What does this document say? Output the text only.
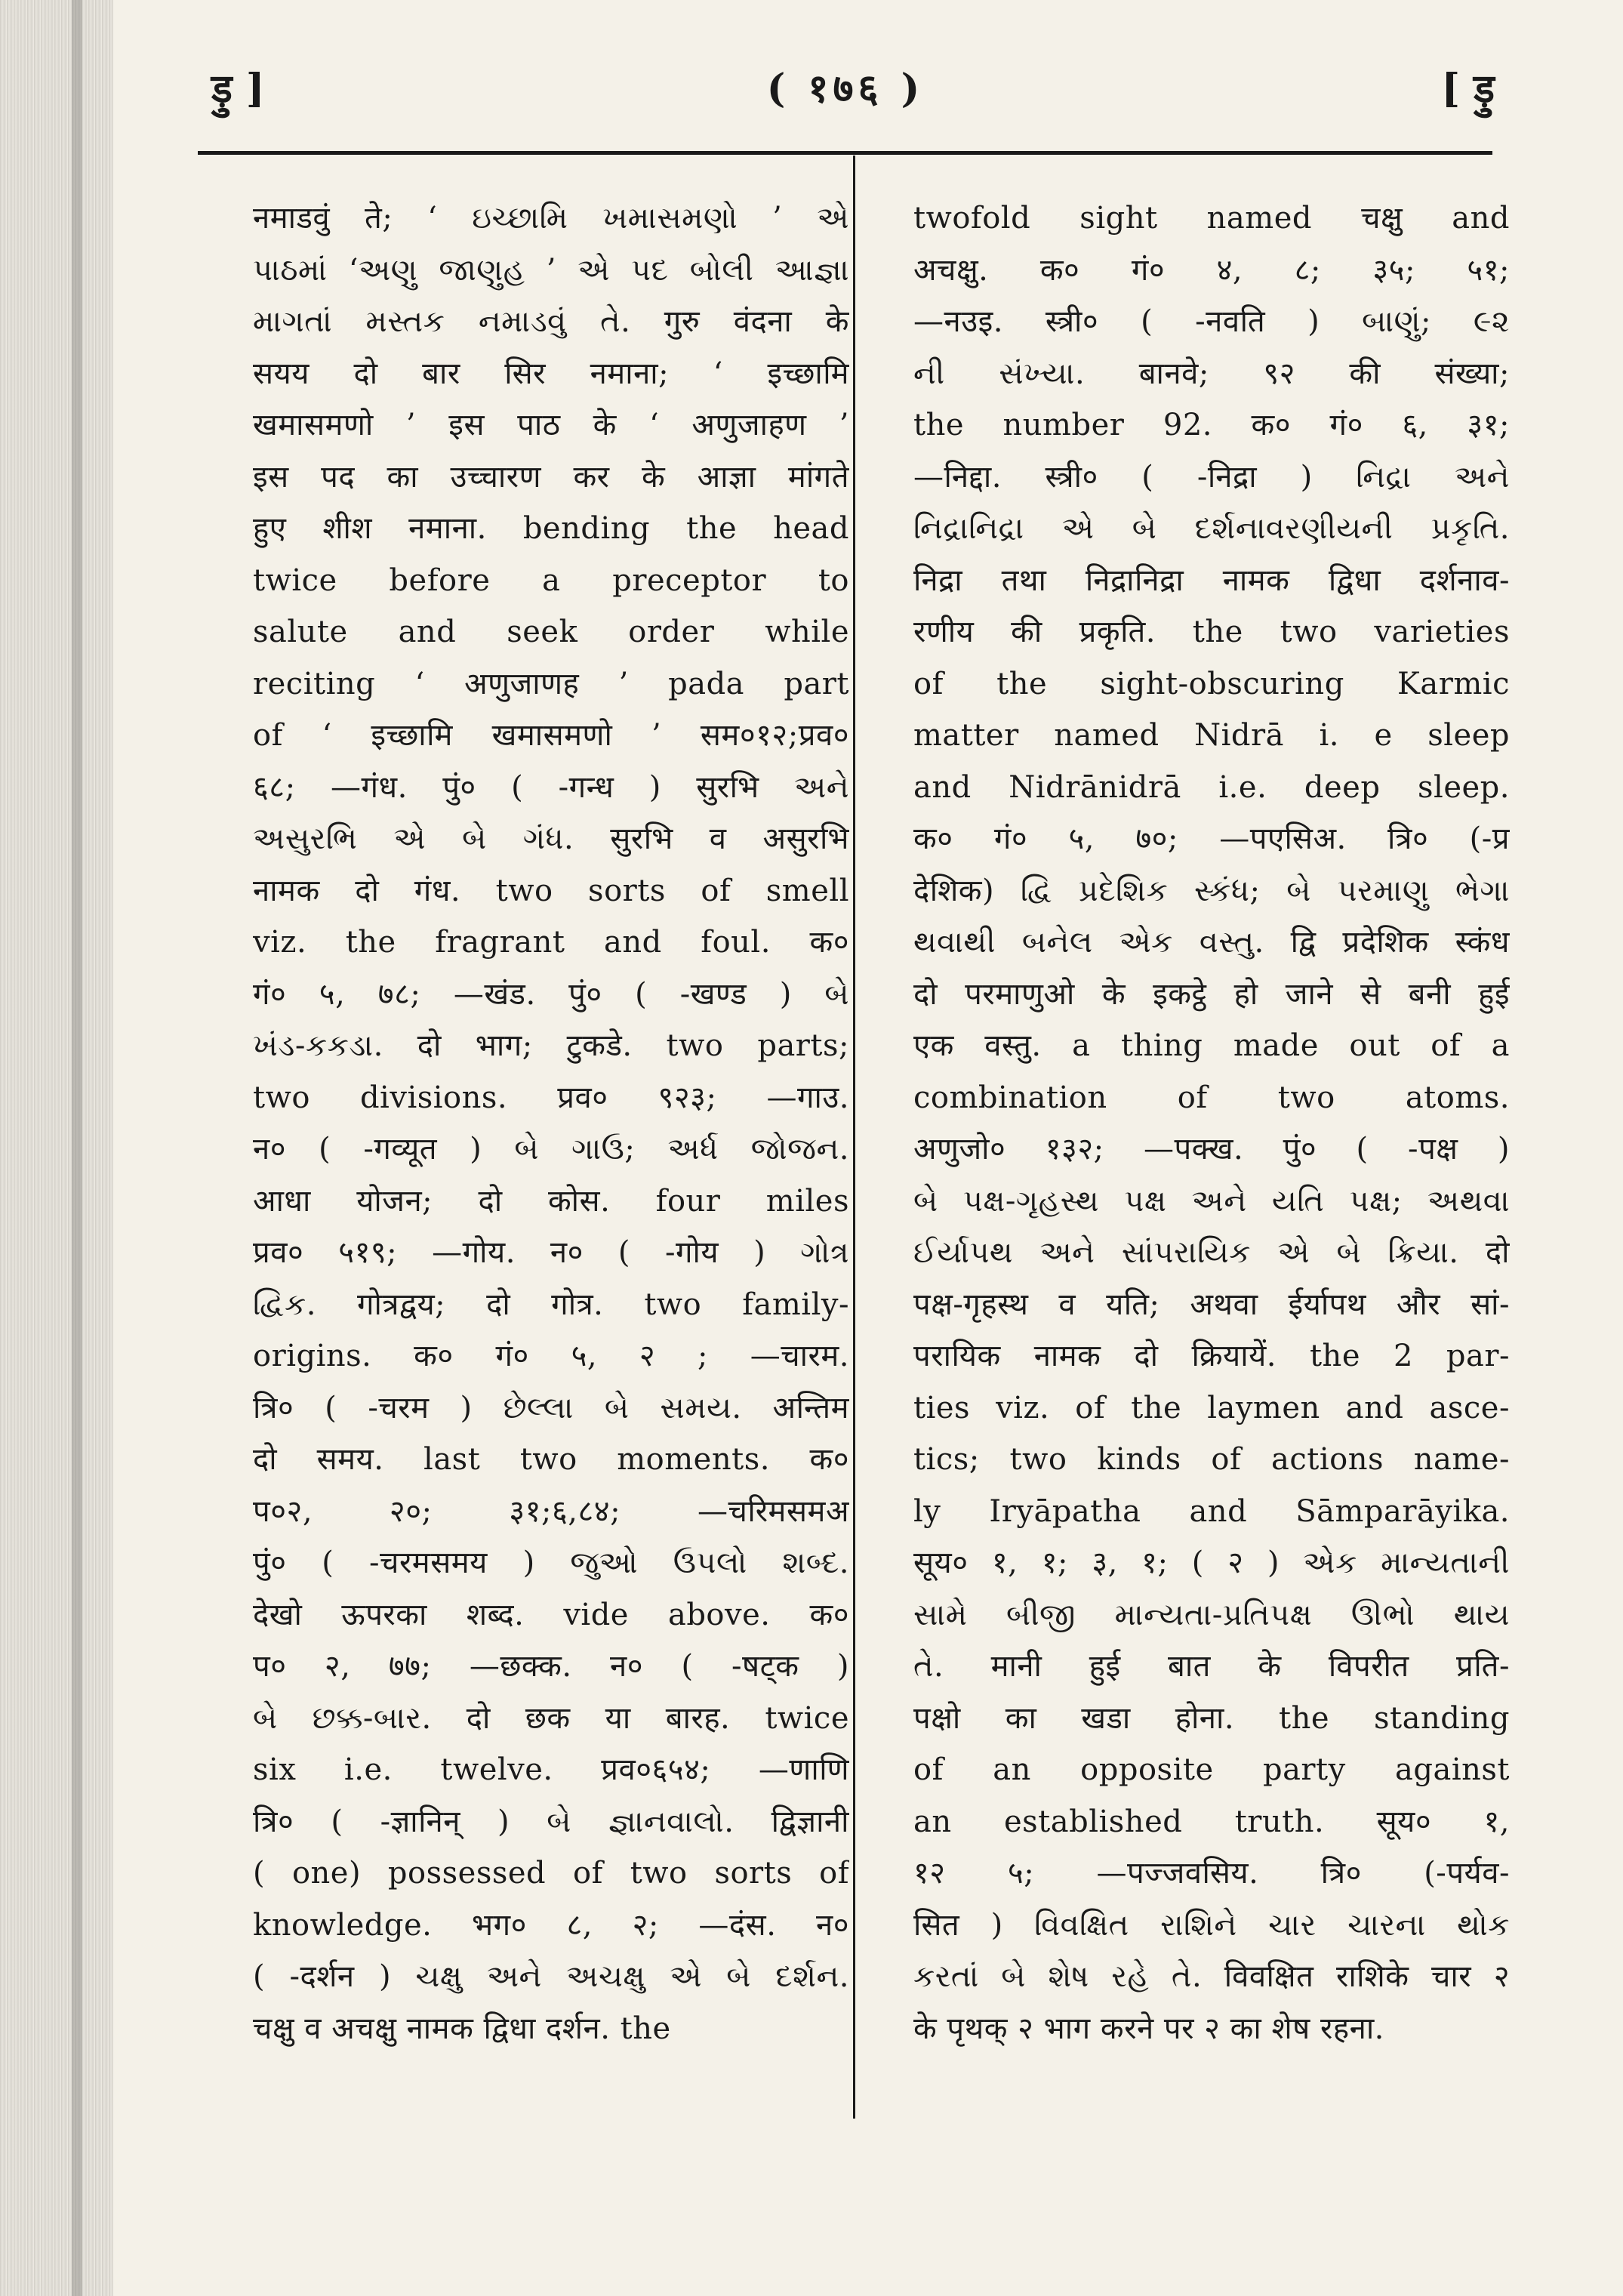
ड़ु ]	( १७६ )	[ ड़ु
नमाडवुं ते; ‘ ઇચ્છામિ ખમાસમણો ’ એ
પાઠમાં ‘અણુ જાણુહ ’ એ પદ બોલી આજ્ઞા
માગતાં મસ્તક નમાડવું તે. गुरु वंदना के
सयय दो बार सिर नमाना; ‘ इच्छामि
खमासमणो ’ इस पाठ के ‘ अणुजाहण ’
इस पद का उच्चारण कर के आज्ञा मांगते
हुए शीश नमाना. bending the head
twice before a preceptor to
salute and seek order while
reciting ‘ अणुजाणह ’ pada part
of ‘ इच्छामि खमासमणो ’ सम०१२;प्रव०
६८; —गंध. पुं० ( -गन्ध ) सुरभि અને
અસુરભિ એ બે ગંધ. सुरभि व असुरभि
नामक दो गंध. two sorts of smell
viz. the fragrant and foul. क०
गं० ५, ७८; —खंड. पुं० ( -खण्ड ) બે
ખંડ-કકડા. दो भाग; टुकडे. two parts;
two divisions. प्रव० ९२३; —गाउ.
न० ( -गव्यूत ) બે ગાઉ; અર્ધ જોજન.
आधा योजन; दो कोस. four miles
प्रव० ५१९; —गोय. न० ( -गोय ) ગોત્ર
દ્વિક. गोत्रद्वय; दो गोत्र. two family-
origins. क० गं० ५, २ ; —चारम.
त्रि० ( -चरम ) છેલ્લા બે સમય. अन्तिम
दो समय. last two moments. क०
प०२, २०; ३१;६,८४; —चरिमसमअ
पुं० ( -चरमसमय ) જુઓ ઉપલો શબ્દ.
देखो ऊपरका शब्द. vide above. क०
प० २, ७७; —छक्क. न० ( -षट्क )
બે છક્ક-બાર. दो छक या बारह. twice
six i.e. twelve. प्रव०६५४; —णाणि
त्रि० ( -ज्ञानिन् ) બે જ્ઞાનવાલો. द्विज्ञानी
( one) possessed of two sorts of
knowledge. भग० ८, २; —दंस. न०
( -दर्शन ) ચક્ષુ અને અચક્ષુ એ બે દર્શન.
चक्षु व अचक्षु नामक द्विधा दर्शन. the
twofold sight named चक्षु and
अचक्षु. क० गं० ४, ८; ३५; ५१;
—नउइ. स्त्री० ( -नवति ) બાણું; ૯૨
ની સંખ્યા. बानवे; ९२ की संख्या;
the number 92. क० गं० ६, ३१;
—निद्दा. स्त्री० ( -निद्रा ) નિદ્રા અને
નિદ્રાનિદ્રા એ બે દર્શનાવરણીયની પ્રકૃતિ.
निद्रा तथा निद्रानिद्रा नामक द्विधा दर्शनाव-
रणीय की प्रकृति. the two varieties
of the sight-obscuring Karmic
matter named Nidrā i. e sleep
and Nidrānidrā i.e. deep sleep.
क० गं० ५, ७०; —पएसिअ. त्रि० (-प्र
देशिक) દ્વિ પ્રદેશિક સ્કંધ; બે પરમાણુ ભેગા
થવાથી બનેલ એક વસ્તુ. द्वि प्रदेशिक स्कंध
दो परमाणुओ के इकट्ठे हो जाने से बनी हुई
एक वस्तु. a thing made out of a
combination of two atoms.
अणुजो० १३२; —पक्ख. पुं० ( -पक्ष )
બે પક્ષ-ગૃહસ્થ પક્ષ અને યતિ પક્ષ; અથવા
ઈર્યાપથ અને સાંપરાયિક એ બે ક્રિયા. दो
पक्ष-गृहस्थ व यति; अथवा ईर्यापथ और सां-
परायिक नामक दो क्रियायें. the 2 par-
ties viz. of the laymen and asce-
tics; two kinds of actions name-
ly Iryāpatha and Sāmparāyika.
सूय० १, १; ३, १; ( २ ) એક માન્યતાની
સામે બીજી માન્યતા-પ્રતિપક્ષ ઊભો થાય
તે. मानी हुई बात के विपरीत प्रति-
पक्षो का खडा होना. the standing
of an opposite party against
an established truth. सूय० १,
१२ ५; —पज्जवसिय. त्रि० (-पर्यव-
सित ) વિવક્ષિત રાશિને ચાર ચારના થોક
કરતાં બે શેષ રહે તે. विवक्षित राशिके चार २
के पृथक् २ भाग करने पर २ का शेष रहना.
